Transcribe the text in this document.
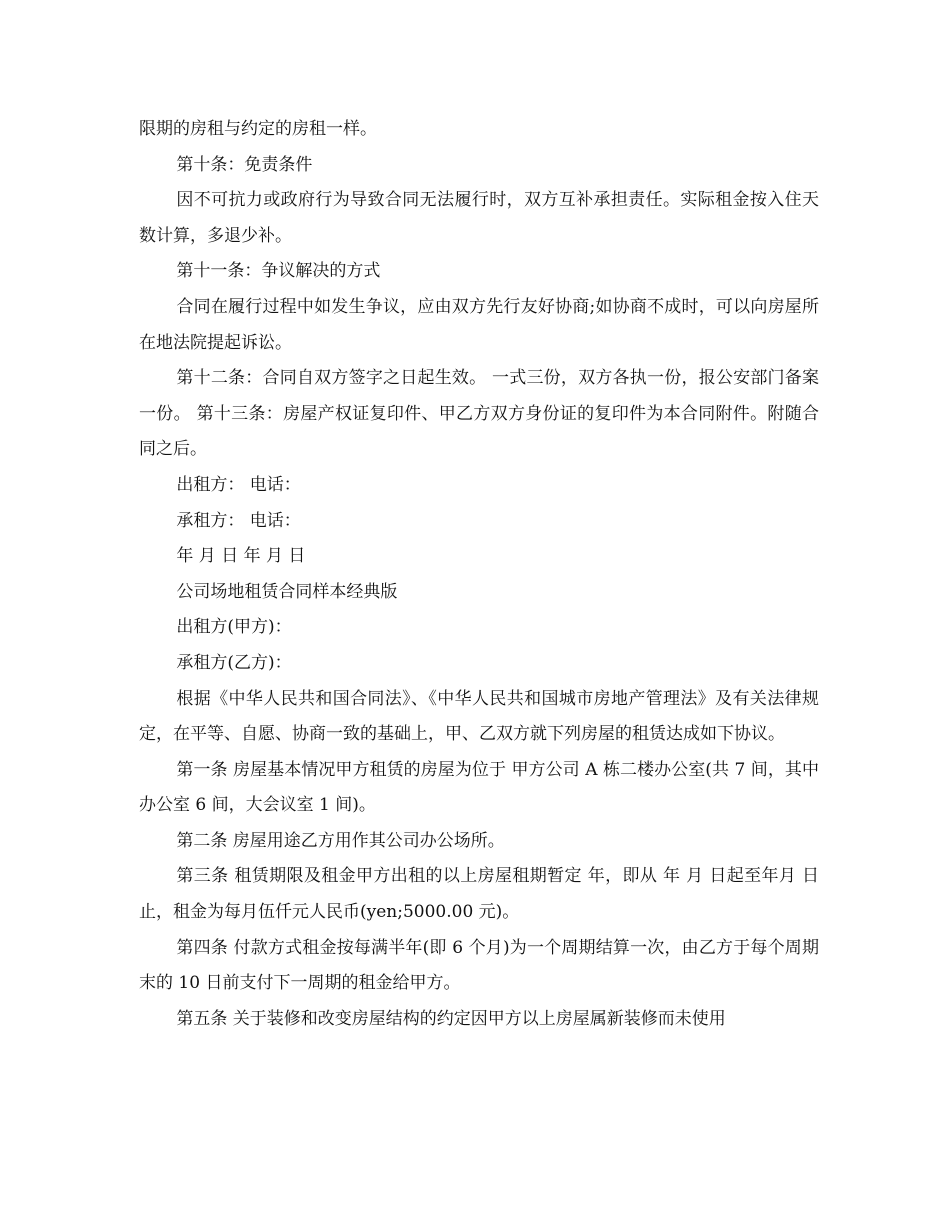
限期的房租与约定的房租一样。

第十条：免责条件

因不可抗力或政府行为导致合同无法履行时，双方互补承担责任。实际租金按入住天数计算，多退少补。

第十一条：争议解决的方式

合同在履行过程中如发生争议，应由双方先行友好协商;如协商不成时，可以向房屋所在地法院提起诉讼。

第十二条：合同自双方签字之日起生效。 一式三份，双方各执一份，报公安部门备案一份。 第十三条：房屋产权证复印件、甲乙方双方身份证的复印件为本合同附件。附随合同之后。

出租方： 电话：

承租方： 电话：

年 月 日 年 月 日

公司场地租赁合同样本经典版

出租方(甲方)：

承租方(乙方)：

根据《中华人民共和国合同法》、《中华人民共和国城市房地产管理法》及有关法律规定，在平等、自愿、协商一致的基础上，甲、乙双方就下列房屋的租赁达成如下协议。

第一条 房屋基本情况甲方租赁的房屋为位于 甲方公司 A 栋二楼办公室(共 7 间，其中办公室 6 间，大会议室 1 间)。

第二条 房屋用途乙方用作其公司办公场所。

第三条 租赁期限及租金甲方出租的以上房屋租期暂定 年，即从 年 月 日起至年月 日止，租金为每月伍仟元人民币(yen;5000.00 元)。

第四条 付款方式租金按每满半年(即 6 个月)为一个周期结算一次，由乙方于每个周期末的 10 日前支付下一周期的租金给甲方。

第五条 关于装修和改变房屋结构的约定因甲方以上房屋属新装修而未使用
